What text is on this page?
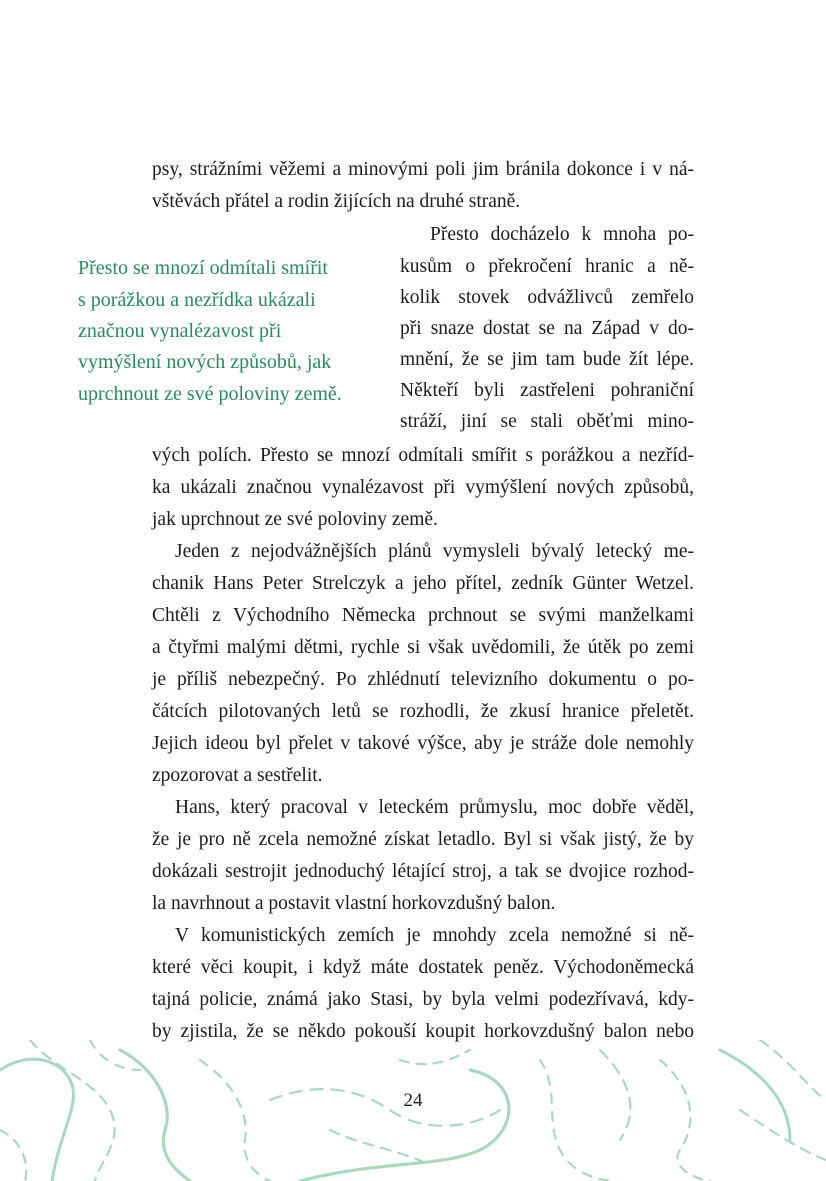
psy, strážními věžemi a minovými poli jim bránila dokonce i v ná-
vštěvách přátel a rodin žijících na druhé straně.
Přesto docházelo k mnoha po-
kusům o překročení hranic a ně-
kolik stovek odvážlivců zemřelo
při snaze dostat se na Západ v do-
mnění, že se jim tam bude žít lépe.
Někteří byli zastřeleni pohraniční
stráží, jiní se stali oběťmi mino-
vých polích. Přesto se mnozí odmítali smířit s porážkou a nezříd-
ka ukázali značnou vynalézavost při vymýšlení nových způsobů,
jak uprchnout ze své poloviny země.
Jeden z nejodvážnějších plánů vymysleli bývalý letecký me-
chanik Hans Peter Strelczyk a jeho přítel, zedník Günter Wetzel.
Chtěli z Východního Německa prchnout se svými manželkami
a čtyřmi malými dětmi, rychle si však uvědomili, že útěk po zemi
je příliš nebezpečný. Po zhlédnutí televizního dokumentu o po-
čátcích pilotovaných letů se rozhodli, že zkusí hranice přeletět.
Jejich ideou byl přelet v takové výšce, aby je stráže dole nemohly
zpozorovat a sestřelit.
Hans, který pracoval v leteckém průmyslu, moc dobře věděl,
že je pro ně zcela nemožné získat letadlo. Byl si však jistý, že by
dokázali sestrojit jednoduchý létající stroj, a tak se dvojice rozhod-
la navrhnout a postavit vlastní horkovzdušný balon.
V komunistických zemích je mnohdy zcela nemožné si ně-
které věci koupit, i když máte dostatek peněz. Východoněmecká
tajná policie, známá jako Stasi, by byla velmi podezřívavá, kdy-
by zjistila, že se někdo pokouší koupit horkovzdušný balon nebo
Přesto se mnozí odmítali smířit
s porážkou a nezřídka ukázali
značnou vynalézavost při
vymýšlení nových způsobů, jak
uprchnout ze své poloviny země.
24
